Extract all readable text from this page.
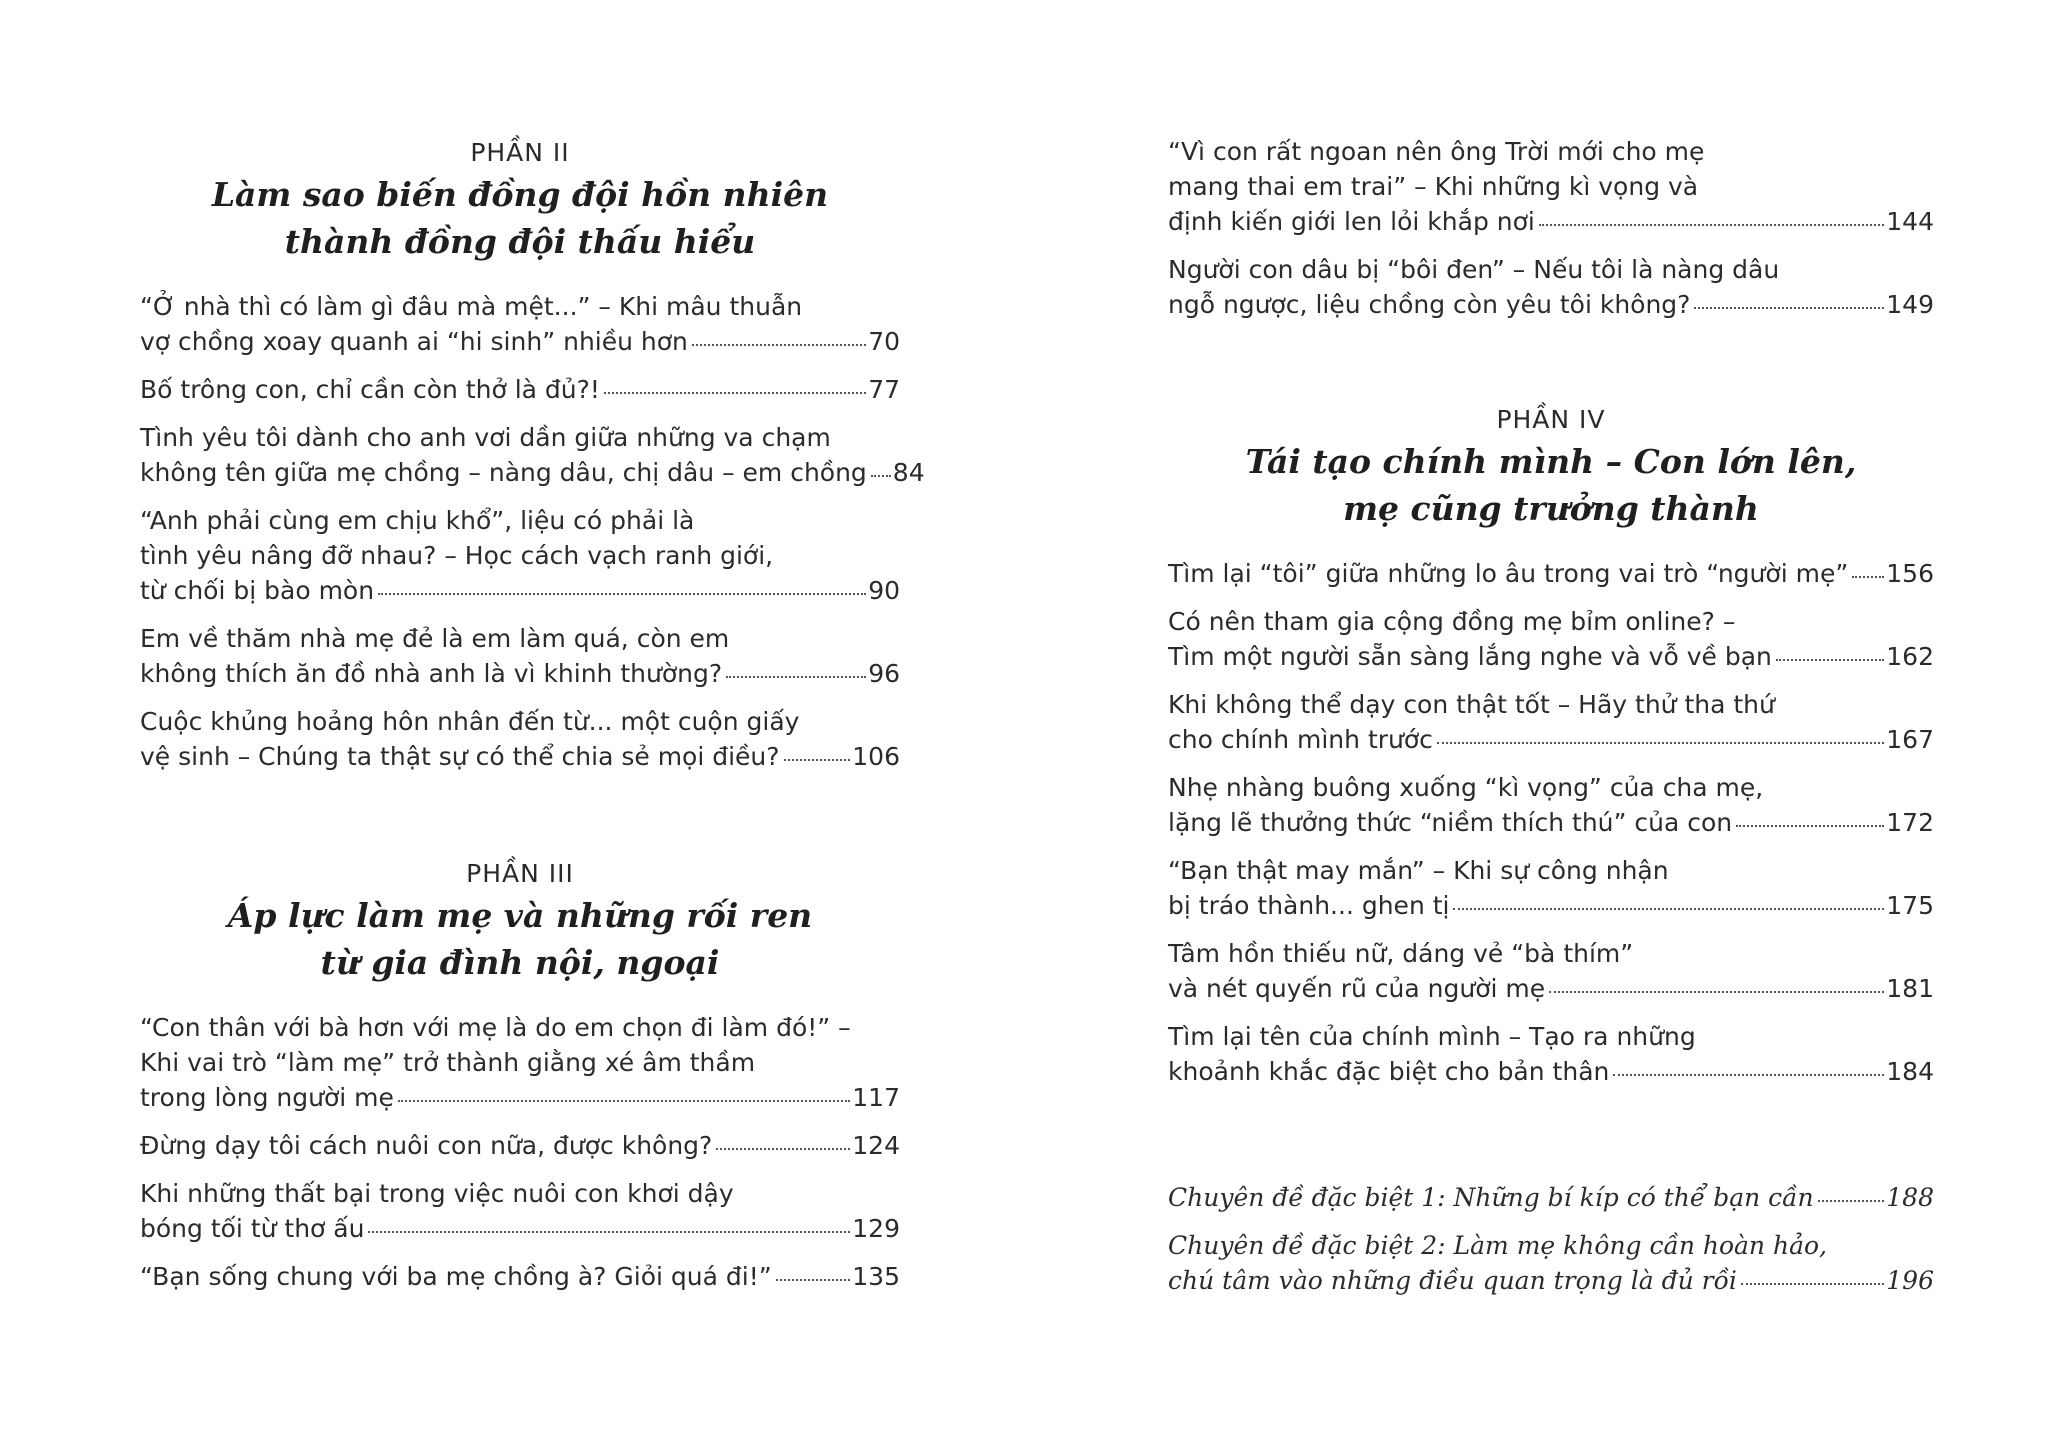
PHẦN II
Làm sao biến đồng đội hồn nhiên
thành đồng đội thấu hiểu
“Ở nhà thì có làm gì đâu mà mệt...” – Khi mâu thuẫn
vợ chồng xoay quanh ai “hi sinh” nhiều hơn	70
Bố trông con, chỉ cần còn thở là đủ?!	77
Tình yêu tôi dành cho anh vơi dần giữa những va chạm
không tên giữa mẹ chồng – nàng dâu, chị dâu – em chồng 84
“Anh phải cùng em chịu khổ”, liệu có phải là
tình yêu nâng đỡ nhau? – Học cách vạch ranh giới,
từ chối bị bào mòn	90
Em về thăm nhà mẹ đẻ là em làm quá, còn em
không thích ăn đồ nhà anh là vì khinh thường?	96
Cuộc khủng hoảng hôn nhân đến từ... một cuộn giấy
vệ sinh – Chúng ta thật sự có thể chia sẻ mọi điều?	106
PHẦN III
Áp lực làm mẹ và những rối ren
từ gia đình nội, ngoại
“Con thân với bà hơn với mẹ là do em chọn đi làm đó!” –
Khi vai trò “làm mẹ” trở thành giằng xé âm thầm
trong lòng người mẹ	117
Đừng dạy tôi cách nuôi con nữa, được không?	124
Khi những thất bại trong việc nuôi con khơi dậy
bóng tối từ thơ ấu	129
“Bạn sống chung với ba mẹ chồng à? Giỏi quá đi!”	135
“Vì con rất ngoan nên ông Trời mới cho mẹ
mang thai em trai” – Khi những kì vọng và
định kiến giới len lỏi khắp nơi	144
Người con dâu bị “bôi đen” – Nếu tôi là nàng dâu
ngỗ ngược, liệu chồng còn yêu tôi không?	149
PHẦN IV
Tái tạo chính mình – Con lớn lên,
mẹ cũng trưởng thành
Tìm lại “tôi” giữa những lo âu trong vai trò “người mẹ” 156
Có nên tham gia cộng đồng mẹ bỉm online? –
Tìm một người sẵn sàng lắng nghe và vỗ về bạn	162
Khi không thể dạy con thật tốt – Hãy thử tha thứ
cho chính mình trước	167
Nhẹ nhàng buông xuống “kì vọng” của cha mẹ,
lặng lẽ thưởng thức “niềm thích thú” của con	172
“Bạn thật may mắn” – Khi sự công nhận
bị tráo thành... ghen tị	175
Tâm hồn thiếu nữ, dáng vẻ “bà thím”
và nét quyến rũ của người mẹ	181
Tìm lại tên của chính mình – Tạo ra những
khoảnh khắc đặc biệt cho bản thân	184
Chuyên đề đặc biệt 1: Những bí kíp có thể bạn cần	188
Chuyên đề đặc biệt 2: Làm mẹ không cần hoàn hảo,
chú tâm vào những điều quan trọng là đủ rồi	196
